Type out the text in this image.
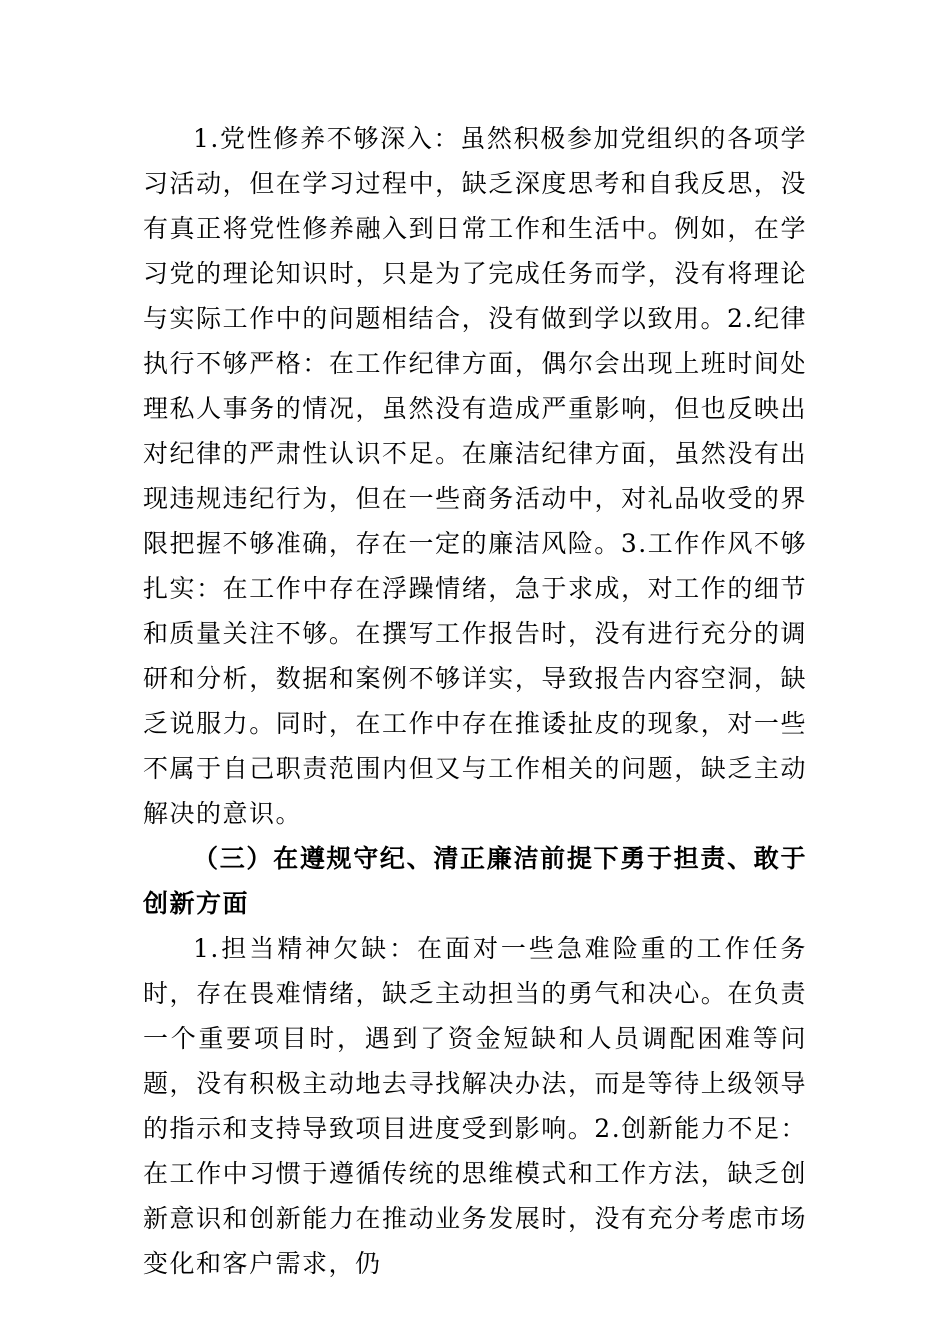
1.党性修养不够深入：虽然积极参加党组织的各项学习活动，但在学习过程中，缺乏深度思考和自我反思，没有真正将党性修养融入到日常工作和生活中。例如，在学习党的理论知识时，只是为了完成任务而学，没有将理论与实际工作中的问题相结合，没有做到学以致用。2.纪律执行不够严格：在工作纪律方面，偶尔会出现上班时间处理私人事务的情况，虽然没有造成严重影响，但也反映出对纪律的严肃性认识不足。在廉洁纪律方面，虽然没有出现违规违纪行为，但在一些商务活动中，对礼品收受的界限把握不够准确，存在一定的廉洁风险。3.工作作风不够扎实：在工作中存在浮躁情绪，急于求成，对工作的细节和质量关注不够。在撰写工作报告时，没有进行充分的调研和分析，数据和案例不够详实，导致报告内容空洞，缺乏说服力。同时，在工作中存在推诿扯皮的现象，对一些不属于自己职责范围内但又与工作相关的问题，缺乏主动解决的意识。

（三）在遵规守纪、清正廉洁前提下勇于担责、敢于创新方面

1.担当精神欠缺：在面对一些急难险重的工作任务时，存在畏难情绪，缺乏主动担当的勇气和决心。在负责一个重要项目时，遇到了资金短缺和人员调配困难等问题，没有积极主动地去寻找解决办法，而是等待上级领导的指示和支持导致项目进度受到影响。2.创新能力不足：在工作中习惯于遵循传统的思维模式和工作方法，缺乏创新意识和创新能力在推动业务发展时，没有充分考虑市场变化和客户需求，仍
